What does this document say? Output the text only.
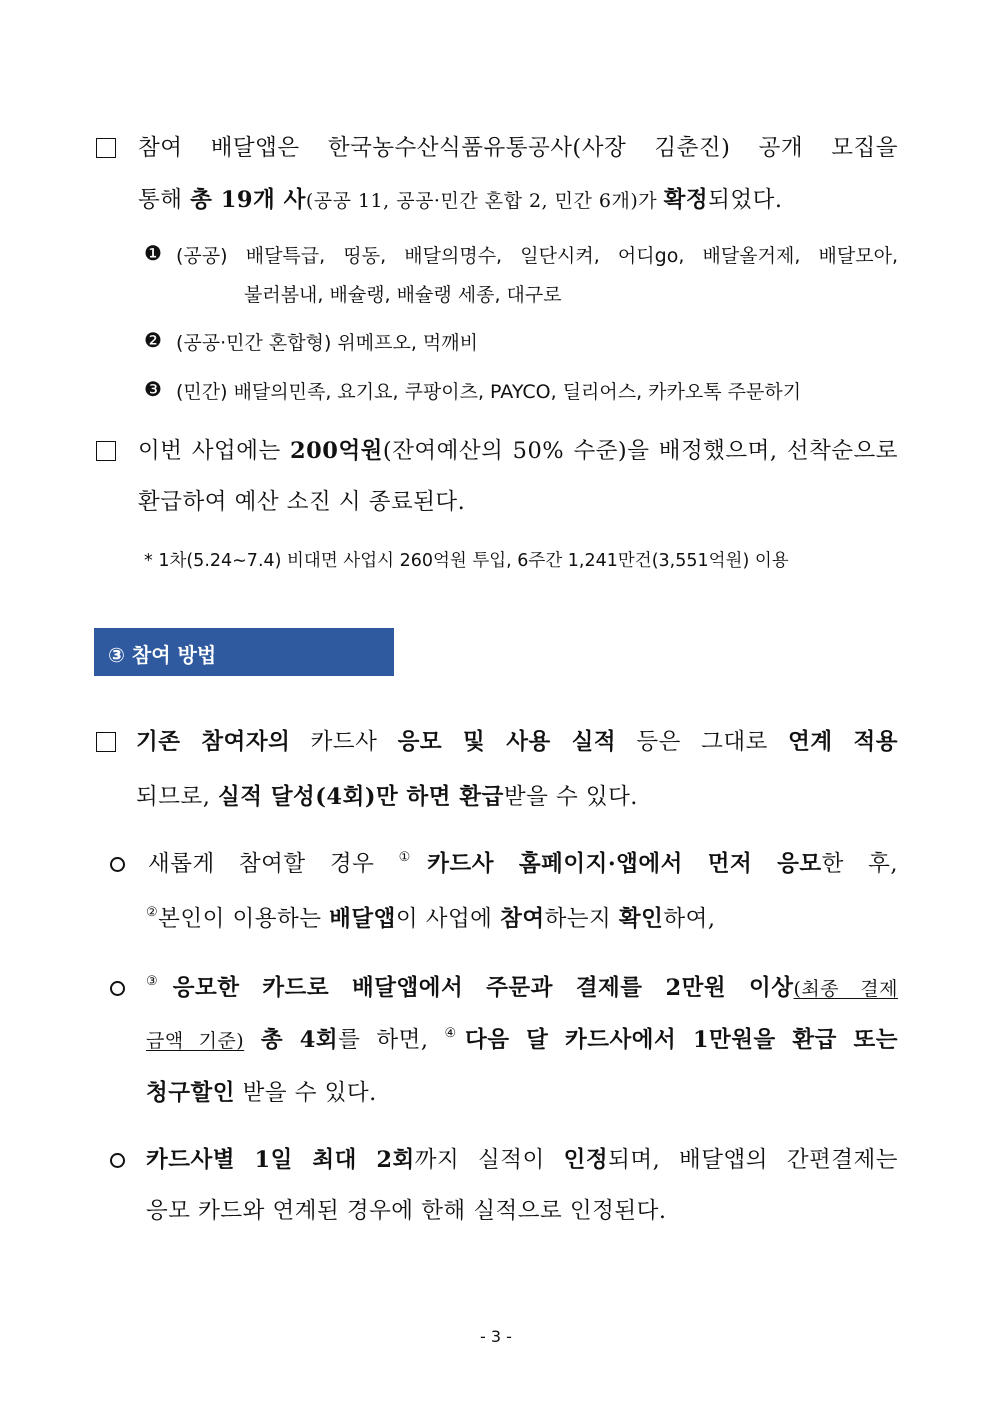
참여 배달앱은 한국농수산식품유통공사(사장 김춘진) 공개 모집을
통해 총 19개 사(공공 11, 공공·민간 혼합 2, 민간 6개)가 확정되었다.
❶ (공공) 배달특급, 띵동, 배달의명수, 일단시켜, 어디go, 배달올거제, 배달모아,
불러봄내, 배슐랭, 배슐랭 세종, 대구로
❷ (공공·민간 혼합형) 위메프오, 먹깨비
❸ (민간) 배달의민족, 요기요, 쿠팡이츠, PAYCO, 딜리어스, 카카오톡 주문하기
이번 사업에는 200억원(잔여예산의 50% 수준)을 배정했으며, 선착순으로
환급하여 예산 소진 시 종료된다.
* 1차(5.24∼7.4) 비대면 사업시 260억원 투입, 6주간 1,241만건(3,551억원) 이용
③ 참여 방법
기존 참여자의 카드사 응모 및 사용 실적 등은 그대로 연계 적용
되므로, 실적 달성(4회)만 하면 환급받을 수 있다.
새롭게 참여할 경우 ①카드사 홈페이지·앱에서 먼저 응모한 후,
②본인이 이용하는 배달앱이 사업에 참여하는지 확인하여,
③응모한 카드로 배달앱에서 주문과 결제를 2만원 이상(최종 결제
금액 기준) 총 4회를 하면, ④다음 달 카드사에서 1만원을 환급 또는
청구할인 받을 수 있다.
카드사별 1일 최대 2회까지 실적이 인정되며, 배달앱의 간편결제는
응모 카드와 연계된 경우에 한해 실적으로 인정된다.
- 3 -
